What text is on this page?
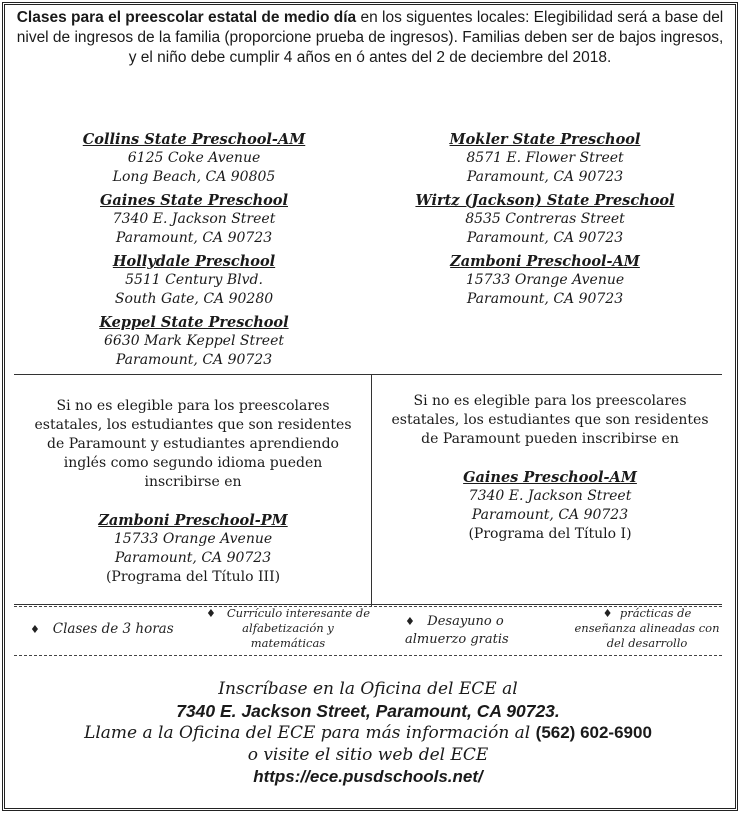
Clases para el preescolar estatal de medio día en los siguentes locales: Elegibilidad será a base del nivel de ingresos de la familia (proporcione prueba de ingresos). Familias deben ser de bajos ingresos, y el niño debe cumplir 4 años en ó antes del 2 de deciembre del 2018.
Collins State Preschool-AM
6125 Coke Avenue
Long Beach, CA 90805
Gaines State Preschool
7340 E. Jackson Street
Paramount, CA 90723
Hollydale Preschool
5511 Century Blvd.
South Gate, CA 90280
Keppel State Preschool
6630 Mark Keppel Street
Paramount, CA 90723
Mokler State Preschool
8571 E. Flower Street
Paramount, CA 90723
Wirtz (Jackson) State Preschool
8535 Contreras Street
Paramount, CA 90723
Zamboni Preschool-AM
15733 Orange Avenue
Paramount, CA 90723
Si no es elegible para los preescolares estatales, los estudiantes que son residentes de Paramount y estudiantes aprendiendo inglés como segundo idioma pueden inscribirse en
Zamboni Preschool-PM
15733 Orange Avenue
Paramount, CA 90723
(Programa del Título III)
Si no es elegible para los preescolares estatales, los estudiantes que son residentes de Paramount pueden inscribirse en
Gaines Preschool-AM
7340 E. Jackson Street
Paramount, CA 90723
(Programa del Título I)
♦ Clases de 3 horas
♦ Currículo interesante de alfabetización y matemáticas
♦ Desayuno o almuerzo gratis
♦ prácticas de enseñanza alineadas con del desarrollo
Inscríbase en la Oficina del ECE al
7340 E. Jackson Street, Paramount, CA 90723.
Llame a la Oficina del ECE para más información al (562) 602-6900
o visite el sitio web del ECE
https://ece.pusdschools.net/
